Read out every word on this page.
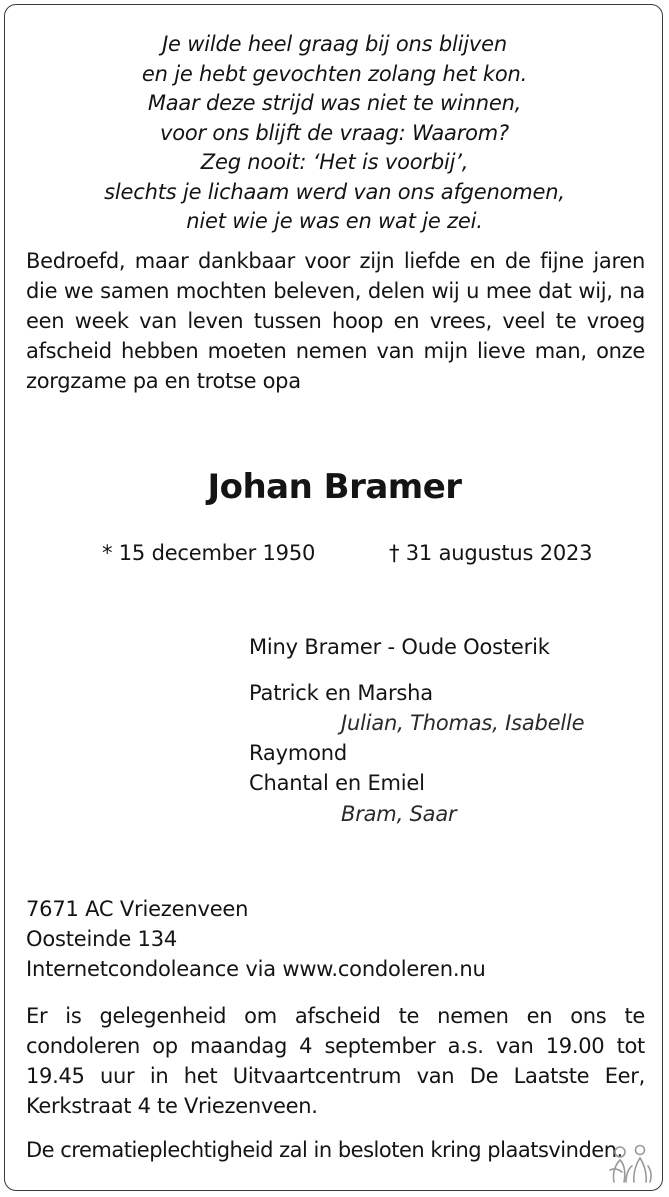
Je wilde heel graag bij ons blijven
en je hebt gevochten zolang het kon.
Maar deze strijd was niet te winnen,
voor ons blijft de vraag: Waarom?
Zeg nooit: ‘Het is voorbij’,
slechts je lichaam werd van ons afgenomen,
niet wie je was en wat je zei.
Bedroefd, maar dankbaar voor zijn liefde en de fijne jaren die we samen mochten beleven, delen wij u mee dat wij, na een week van leven tussen hoop en vrees, veel te vroeg afscheid hebben moeten nemen van mijn lieve man, onze zorgzame pa en trotse opa
Johan Bramer
* 15 december 1950	† 31 augustus 2023
Miny Bramer - Oude Oosterik
Patrick en Marsha
Julian, Thomas, Isabelle
Raymond
Chantal en Emiel
Bram, Saar
7671 AC Vriezenveen
Oosteinde 134
Internetcondoleance via www.condoleren.nu
Er is gelegenheid om afscheid te nemen en ons te condoleren op maandag 4 september a.s. van 19.00 tot 19.45 uur in het Uitvaartcentrum van De Laatste Eer, Kerkstraat 4 te Vriezenveen.
De crematieplechtigheid zal in besloten kring plaatsvinden.
